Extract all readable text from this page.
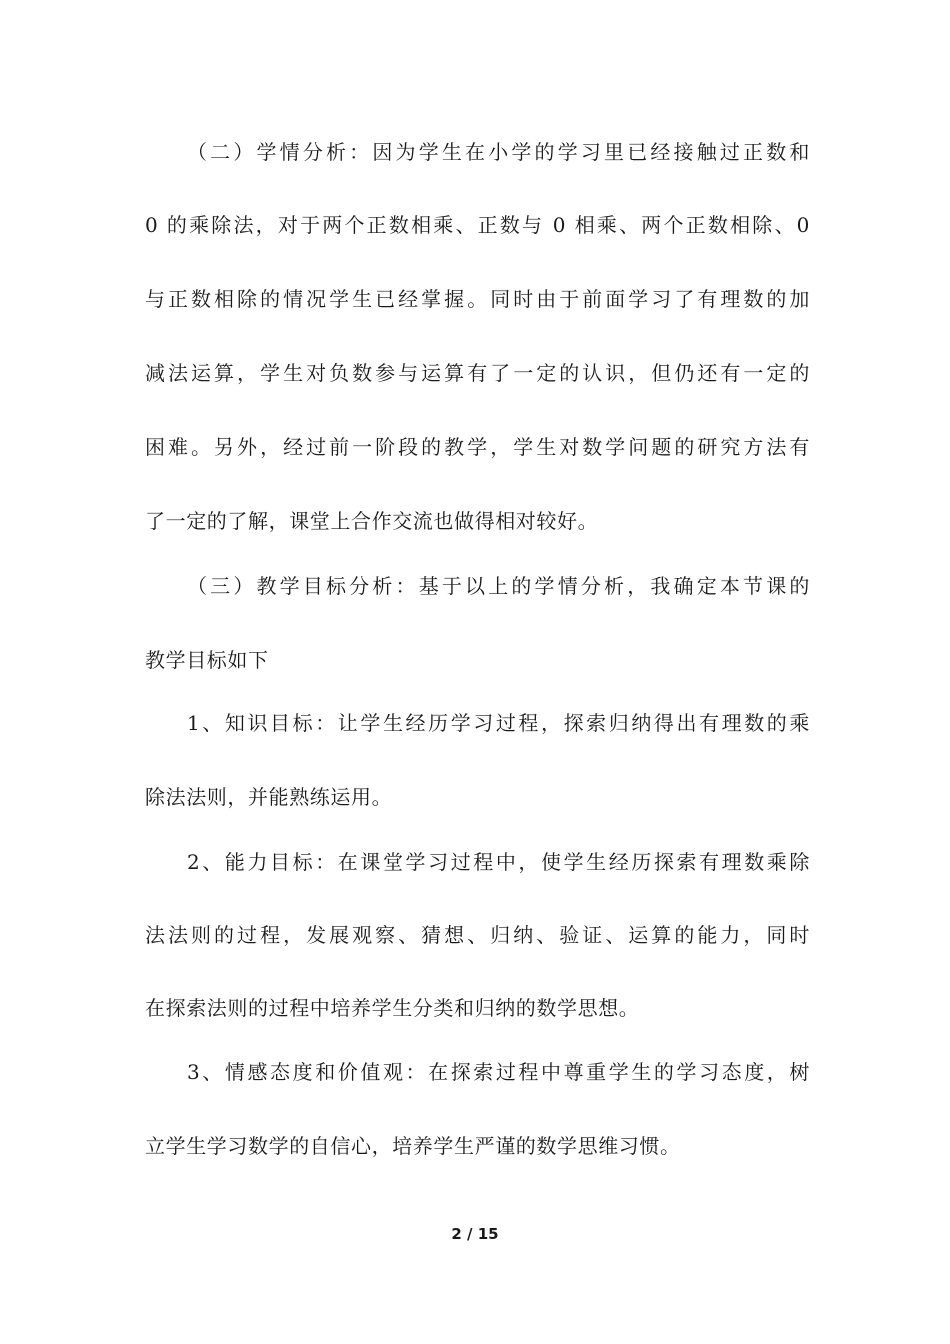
（二）学情分析：因为学生在小学的学习里已经接触过正数和
0 的乘除法，对于两个正数相乘、正数与 0 相乘、两个正数相除、0
与正数相除的情况学生已经掌握。同时由于前面学习了有理数的加
减法运算，学生对负数参与运算有了一定的认识，但仍还有一定的
困难。另外，经过前一阶段的教学，学生对数学问题的研究方法有
了一定的了解，课堂上合作交流也做得相对较好。
（三）教学目标分析：基于以上的学情分析，我确定本节课的
教学目标如下
1、知识目标：让学生经历学习过程，探索归纳得出有理数的乘
除法法则，并能熟练运用。
2、能力目标：在课堂学习过程中，使学生经历探索有理数乘除
法法则的过程，发展观察、猜想、归纳、验证、运算的能力，同时
在探索法则的过程中培养学生分类和归纳的数学思想。
3、情感态度和价值观：在探索过程中尊重学生的学习态度，树
立学生学习数学的自信心，培养学生严谨的数学思维习惯。
2 / 15
